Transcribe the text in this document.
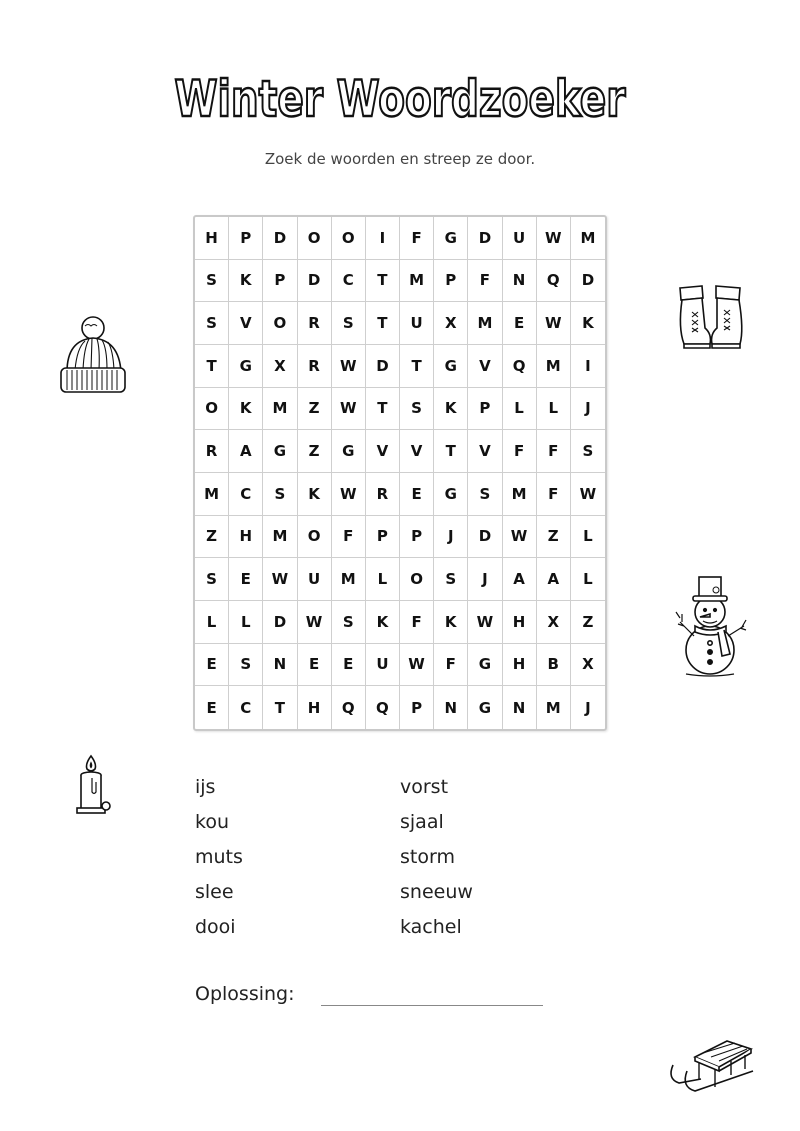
Winter Woordzoeker
Zoek de woorden en streep ze door.
H	P	D	O	O	I	F	G	D	U	W	M
S	K	P	D	C	T	M	P	F	N	Q	D
S	V	O	R	S	T	U	X	M	E	W	K
T	G	X	R	W	D	T	G	V	Q	M	I
O	K	M	Z	W	T	S	K	P	L	L	J
R	A	G	Z	G	V	V	T	V	F	F	S
M	C	S	K	W	R	E	G	S	M	F	W
Z	H	M	O	F	P	P	J	D	W	Z	L
S	E	W	U	M	L	O	S	J	A	A	L
L	L	D	W	S	K	F	K	W	H	X	Z
E	S	N	E	E	U	W	F	G	H	B	X
E	C	T	H	Q	Q	P	N	G	N	M	J
ijs	vorst
kou	sjaal
muts	storm
slee	sneeuw
dooi	kachel
Oplossing:
